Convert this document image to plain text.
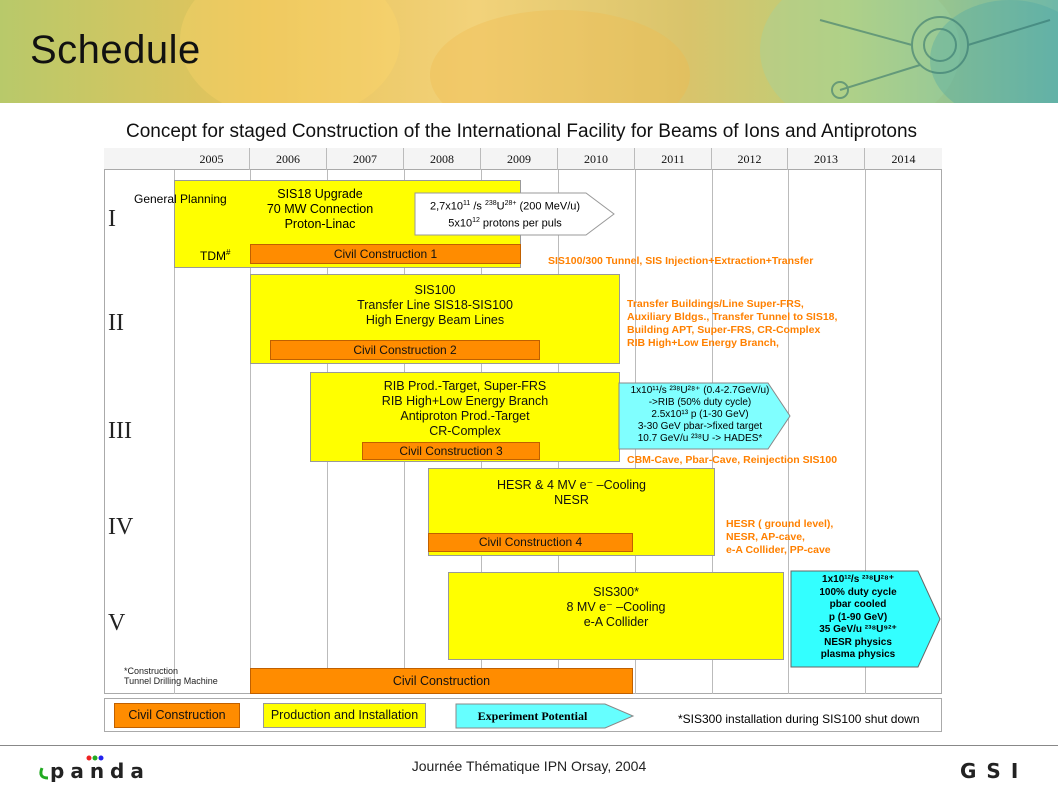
Schedule
Concept for staged Construction of the International Facility for Beams of Ions and Antiprotons
2005	2006	2007	2008	2009	2010	2011	2012	2013	2014
I
II
III
IV
V
General Planning	SIS18 Upgrade
70 MW Connection
Proton-Linac
$2,7x10^{11}$ /s $^{238}U^{28+}$ (200 MeV/u)
$5x10^{12}$ protons per puls
TDM#	Civil Construction 1	SIS100/300 Tunnel, SIS Injection+Extraction+Transfer
SIS100
Transfer Line SIS18-SIS100
High Energy Beam Lines
Civil Construction 2
Transfer Buildings/Line Super-FRS,
Auxiliary Bldgs., Transfer Tunnel to SIS18,
Building APT, Super-FRS, CR-Complex
RIB High+Low Energy Branch,
RIB Prod.-Target, Super-FRS
RIB High+Low Energy Branch
Antiproton Prod.-Target
CR-Complex
Civil Construction 3
1x10¹¹/s ²³⁸U²⁸⁺ (0.4-2.7GeV/u)
->RIB (50% duty cycle)
2.5x10¹³ p (1-30 GeV)
3-30 GeV pbar->fixed target
10.7 GeV/u ²³⁸U -> HADES*
CBM-Cave, Pbar-Cave, Reinjection SIS100
HESR & 4 MV e⁻ –Cooling
NESR
Civil Construction 4
HESR ( ground level),
NESR, AP-cave,
e-A Collider, PP-cave
SIS300*
8 MV e⁻ –Cooling
e-A Collider
1x10¹²/s ²³⁸U²⁸⁺
100% duty cycle
pbar cooled
p (1-90 GeV)
35 GeV/u ²³⁸U⁹²⁺
NESR physics
plasma physics
*Construction
Tunnel Drilling Machine	Civil Construction
Civil Construction	Production and Installation	Experiment Potential	*SIS300 installation during SIS100 shut down
panda	Journée Thématique IPN Orsay, 2004	GSI
